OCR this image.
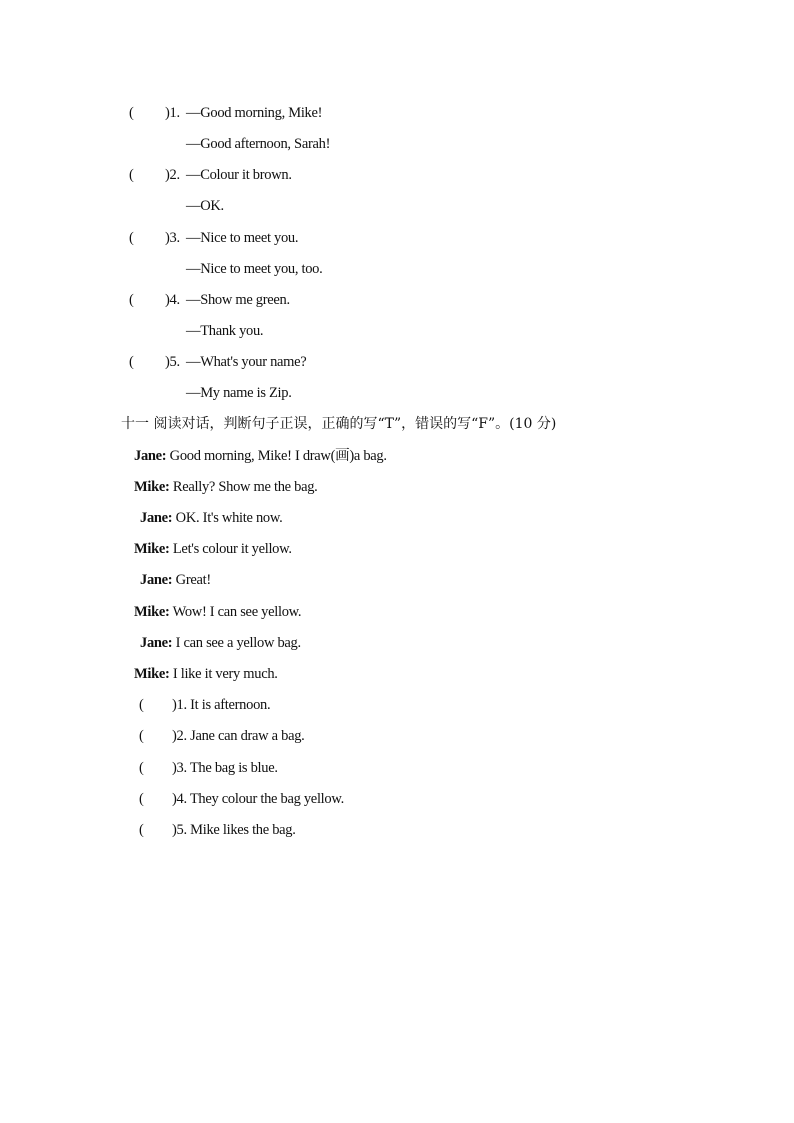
( )1. —Good morning, Mike!
—Good afternoon, Sarah!
( )2. —Colour it brown.
—OK.
( )3. —Nice to meet you.
—Nice to meet you, too.
( )4. —Show me green.
—Thank you.
( )5. —What's your name?
—My name is Zip.
十一 阅读对话，判断句子正误，正确的写“T”，错误的写“F”。(10 分)
Jane: Good morning, Mike! I draw(画)a bag.
Mike: Really? Show me the bag.
Jane: OK. It's white now.
Mike: Let's colour it yellow.
Jane: Great!
Mike: Wow! I can see yellow.
Jane: I can see a yellow bag.
Mike: I like it very much.
( )1. It is afternoon.
( )2. Jane can draw a bag.
( )3. The bag is blue.
( )4. They colour the bag yellow.
( )5. Mike likes the bag.
